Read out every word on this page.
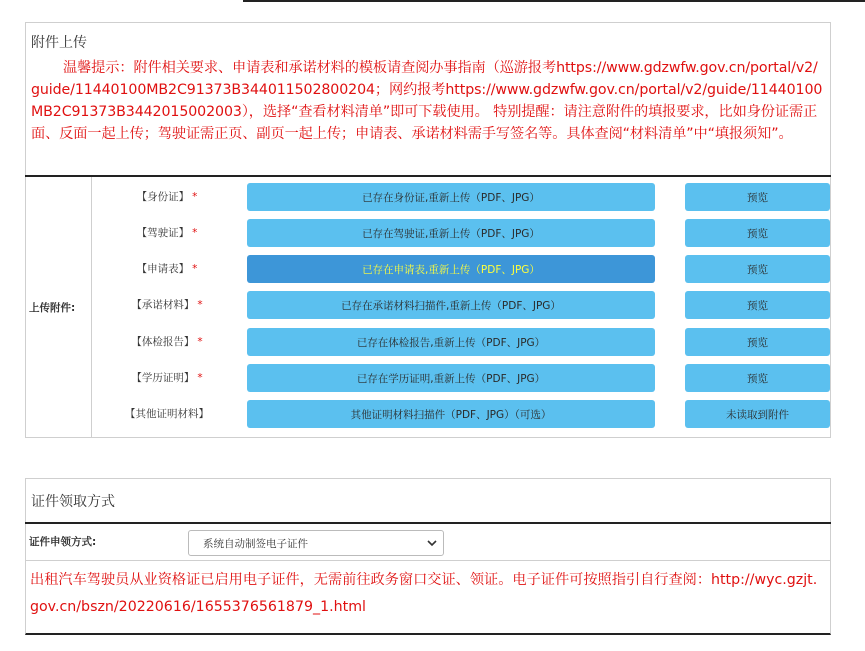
附件上传
温馨提示：附件相关要求、申请表和承诺材料的模板请查阅办事指南（巡游报考https://www.gdzwfw.gov.cn/portal/v2/guide/11440100MB2C91373B344011502800204；网约报考https://www.gdzwfw.gov.cn/portal/v2/guide/11440100MB2C91373B3442015002003），选择“查看材料清单”即可下载使用。 特别提醒：请注意附件的填报要求，比如身份证需正面、反面一起上传；驾驶证需正页、副页一起上传；申请表、承诺材料需手写签名等。具体查阅“材料清单”中“填报须知”。
上传附件:
【身份证】 *	已存在身份证,重新上传（PDF、JPG）	预览
【驾驶证】 *	已存在驾驶证,重新上传（PDF、JPG）	预览
【申请表】 *	已存在申请表,重新上传（PDF、JPG）	预览
【承诺材料】 *	已存在承诺材料扫描件,重新上传（PDF、JPG）	预览
【体检报告】 *	已存在体检报告,重新上传（PDF、JPG）	预览
【学历证明】 *	已存在学历证明,重新上传（PDF、JPG）	预览
【其他证明材料】	其他证明材料扫描件（PDF、JPG）（可选）	未读取到附件
证件领取方式
证件申领方式:	系统自动制签电子证件
出租汽车驾驶员从业资格证已启用电子证件，无需前往政务窗口交证、领证。电子证件可按照指引自行查阅：http://wyc.gzjt.gov.cn/bszn/20220616/1655376561879_1.html
